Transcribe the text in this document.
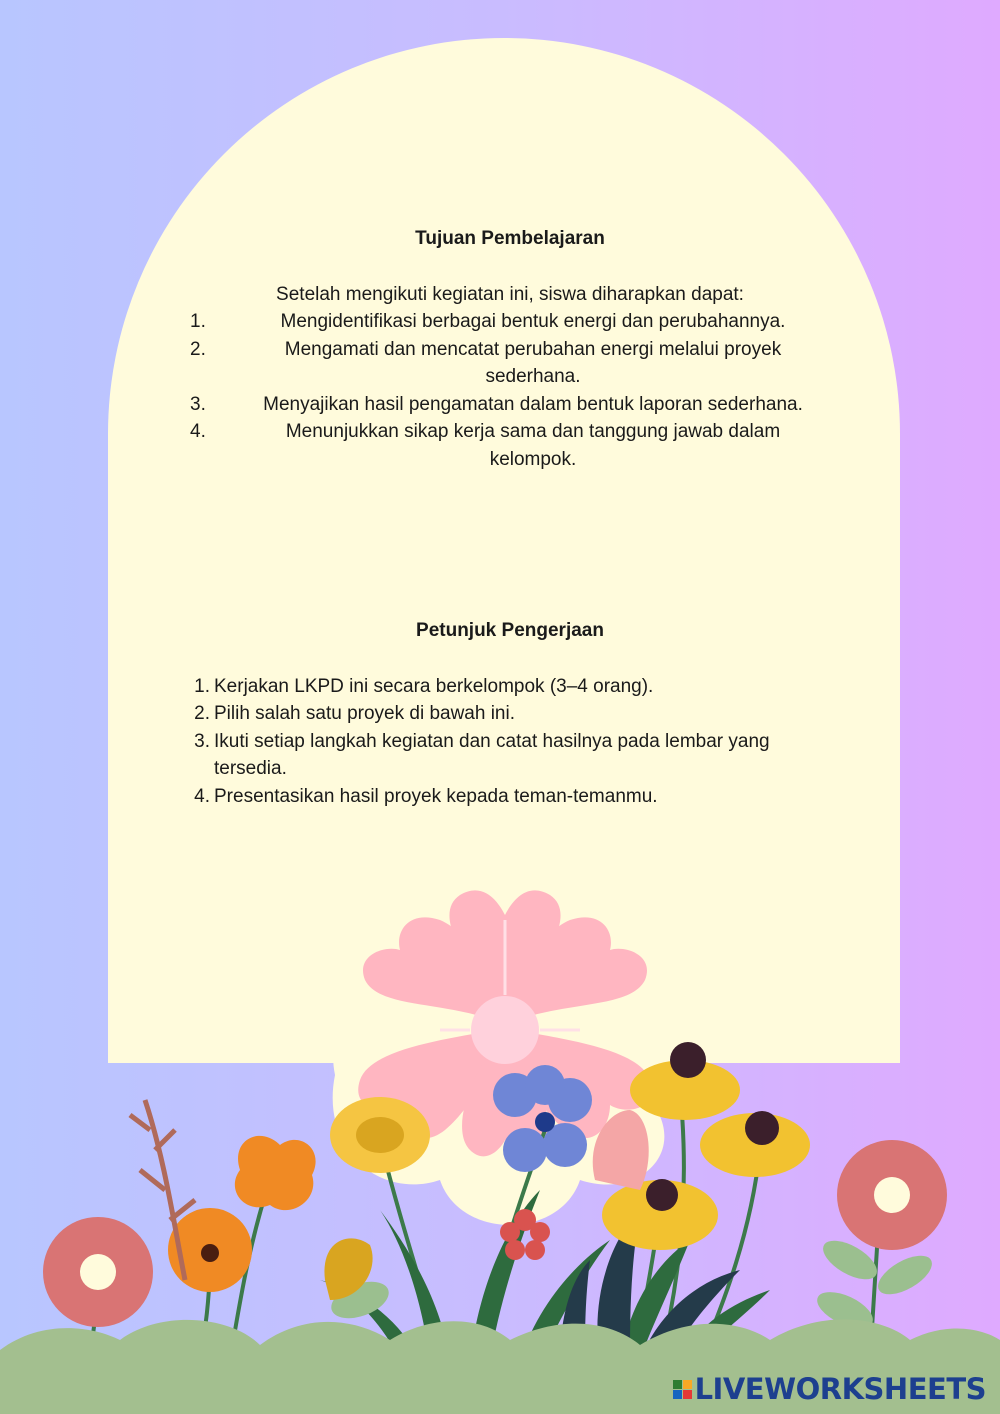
Tujuan Pembelajaran
Setelah mengikuti kegiatan ini, siswa diharapkan dapat:
1.	Mengidentifikasi berbagai bentuk energi dan perubahannya.
2.	Mengamati dan mencatat perubahan energi melalui proyek sederhana.
3.	Menyajikan hasil pengamatan dalam bentuk laporan sederhana.
4.	Menunjukkan sikap kerja sama dan tanggung jawab dalam kelompok.
Petunjuk Pengerjaan
1. Kerjakan LKPD ini secara berkelompok (3–4 orang).
2. Pilih salah satu proyek di bawah ini.
3. Ikuti setiap langkah kegiatan dan catat hasilnya pada lembar yang tersedia.
4. Presentasikan hasil proyek kepada teman-temanmu.
LIVEWORKSHEETS
